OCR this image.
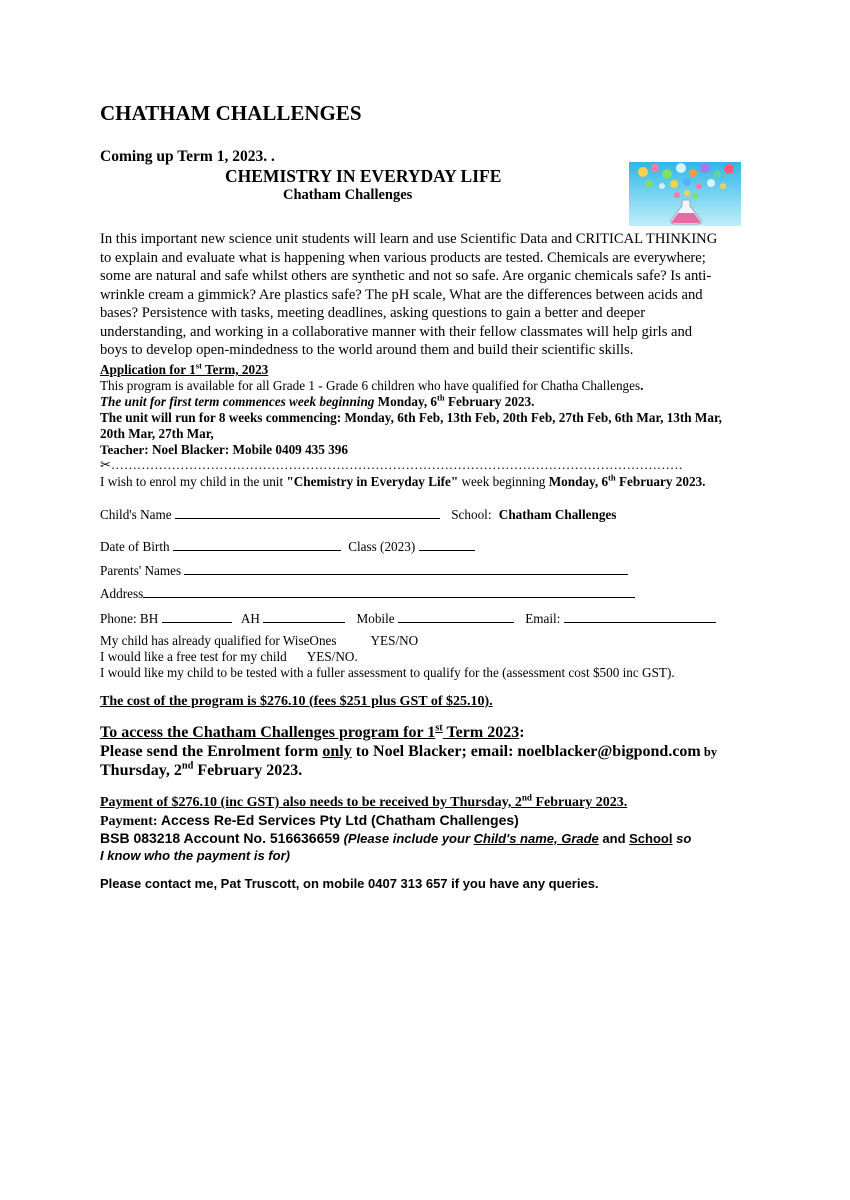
CHATHAM CHALLENGES
Coming up Term 1, 2023. .
CHEMISTRY IN EVERYDAY LIFE
Chatham Challenges

In this important new science unit students will learn and use Scientific Data and CRITICAL THINKING

to explain and evaluate what is happening when various products are tested. Chemicals are everywhere;

some are natural and safe whilst others are synthetic and not so safe. Are organic chemicals safe? Is anti-

wrinkle cream a gimmick? Are plastics safe? The pH scale, What are the differences between acids and

bases? Persistence with tasks, meeting deadlines, asking questions to gain a better and deeper

understanding, and working in a collaborative manner with their fellow classmates will help girls and

boys to develop open-mindedness to the world around them and build their scientific skills.

Application for 1st Term, 2023
This program is available for all Grade 1 - Grade 6 children who have qualified for Chatha Challenges.
The unit for first term commences week beginning Monday, 6th February 2023.
The unit will run for 8 weeks commencing: Monday, 6th Feb, 13th Feb, 20th Feb, 27th Feb, 6th Mar, 13th Mar,
20th Mar, 27th Mar,
Teacher: Noel Blacker: Mobile 0409 435 396
✂……………………………………………………………………………………………………………………
I wish to enrol my child in the unit "Chemistry in Everyday Life" week beginning Monday, 6th February 2023.
Child's Name	School: Chatham Challenges
Date of Birth	Class (2023)
Parents' Names
Address
Phone: BH	AH	Mobile	Email:
My child has already qualified for WiseOnes	YES/NO
I would like a free test for my child YES/NO.
I would like my child to be tested with a fuller assessment to qualify for the (assessment cost $500 inc GST).
The cost of the program is $276.10 (fees $251 plus GST of $25.10).
To access the Chatham Challenges program for 1st Term 2023:
Please send the Enrolment form only to Noel Blacker; email: noelblacker@bigpond.com by
Thursday, 2nd February 2023.
Payment of $276.10 (inc GST) also needs to be received by Thursday, 2nd February 2023.
Payment: Access Re-Ed Services Pty Ltd (Chatham Challenges)
BSB 083218 Account No. 516636659 (Please include your Child's name, Grade and School so
I know who the payment is for)
Please contact me, Pat Truscott, on mobile 0407 313 657 if you have any queries.
